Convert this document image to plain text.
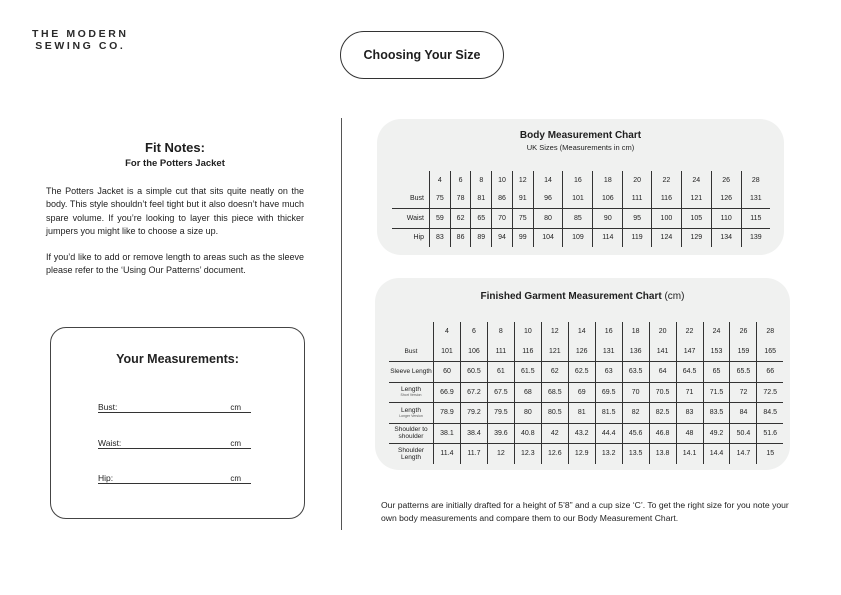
THE MODERN
SEWING CO.
Choosing Your Size
Fit Notes:
For the Potters Jacket

The Potters Jacket is a simple cut that sits quite neatly on the body. This style shouldn’t feel tight but it also doesn’t have much spare volume. If you’re looking to layer this piece with thicker jumpers you might like to choose a size up.

If you’d like to add or remove length to areas such as the sleeve please refer to the ‘Using Our Patterns’ document.

Your Measurements:
Bust:	cm
Waist:	cm
Hip:	cm
Body Measurement Chart
UK Sizes (Measurements in cm)
	4	6	8	10	12	14	16	18	20	22	24	26	28
Bust	75	78	81	86	91	96	101	106	111	116	121	126	131
Waist	59	62	65	70	75	80	85	90	95	100	105	110	115
Hip	83	86	89	94	99	104	109	114	119	124	129	134	139
Finished Garment Measurement Chart (cm)
	4	6	8	10	12	14	16	18	20	22	24	26	28
Bust	101	106	111	116	121	126	131	136	141	147	153	159	165
Sleeve Length	60	60.5	61	61.5	62	62.5	63	63.5	64	64.5	65	65.5	66
Length
Short Version	66.9	67.2	67.5	68	68.5	69	69.5	70	70.5	71	71.5	72	72.5
Length
Longer Version	78.9	79.2	79.5	80	80.5	81	81.5	82	82.5	83	83.5	84	84.5
Shoulder to shoulder	38.1	38.4	39.6	40.8	42	43.2	44.4	45.6	46.8	48	49.2	50.4	51.6
Shoulder Length	11.4	11.7	12	12.3	12.6	12.9	13.2	13.5	13.8	14.1	14.4	14.7	15

Our patterns are initially drafted for a height of 5’8” and a cup size ‘C’. To get the right size for you note your own body measurements and compare them to our Body Measurement Chart.
